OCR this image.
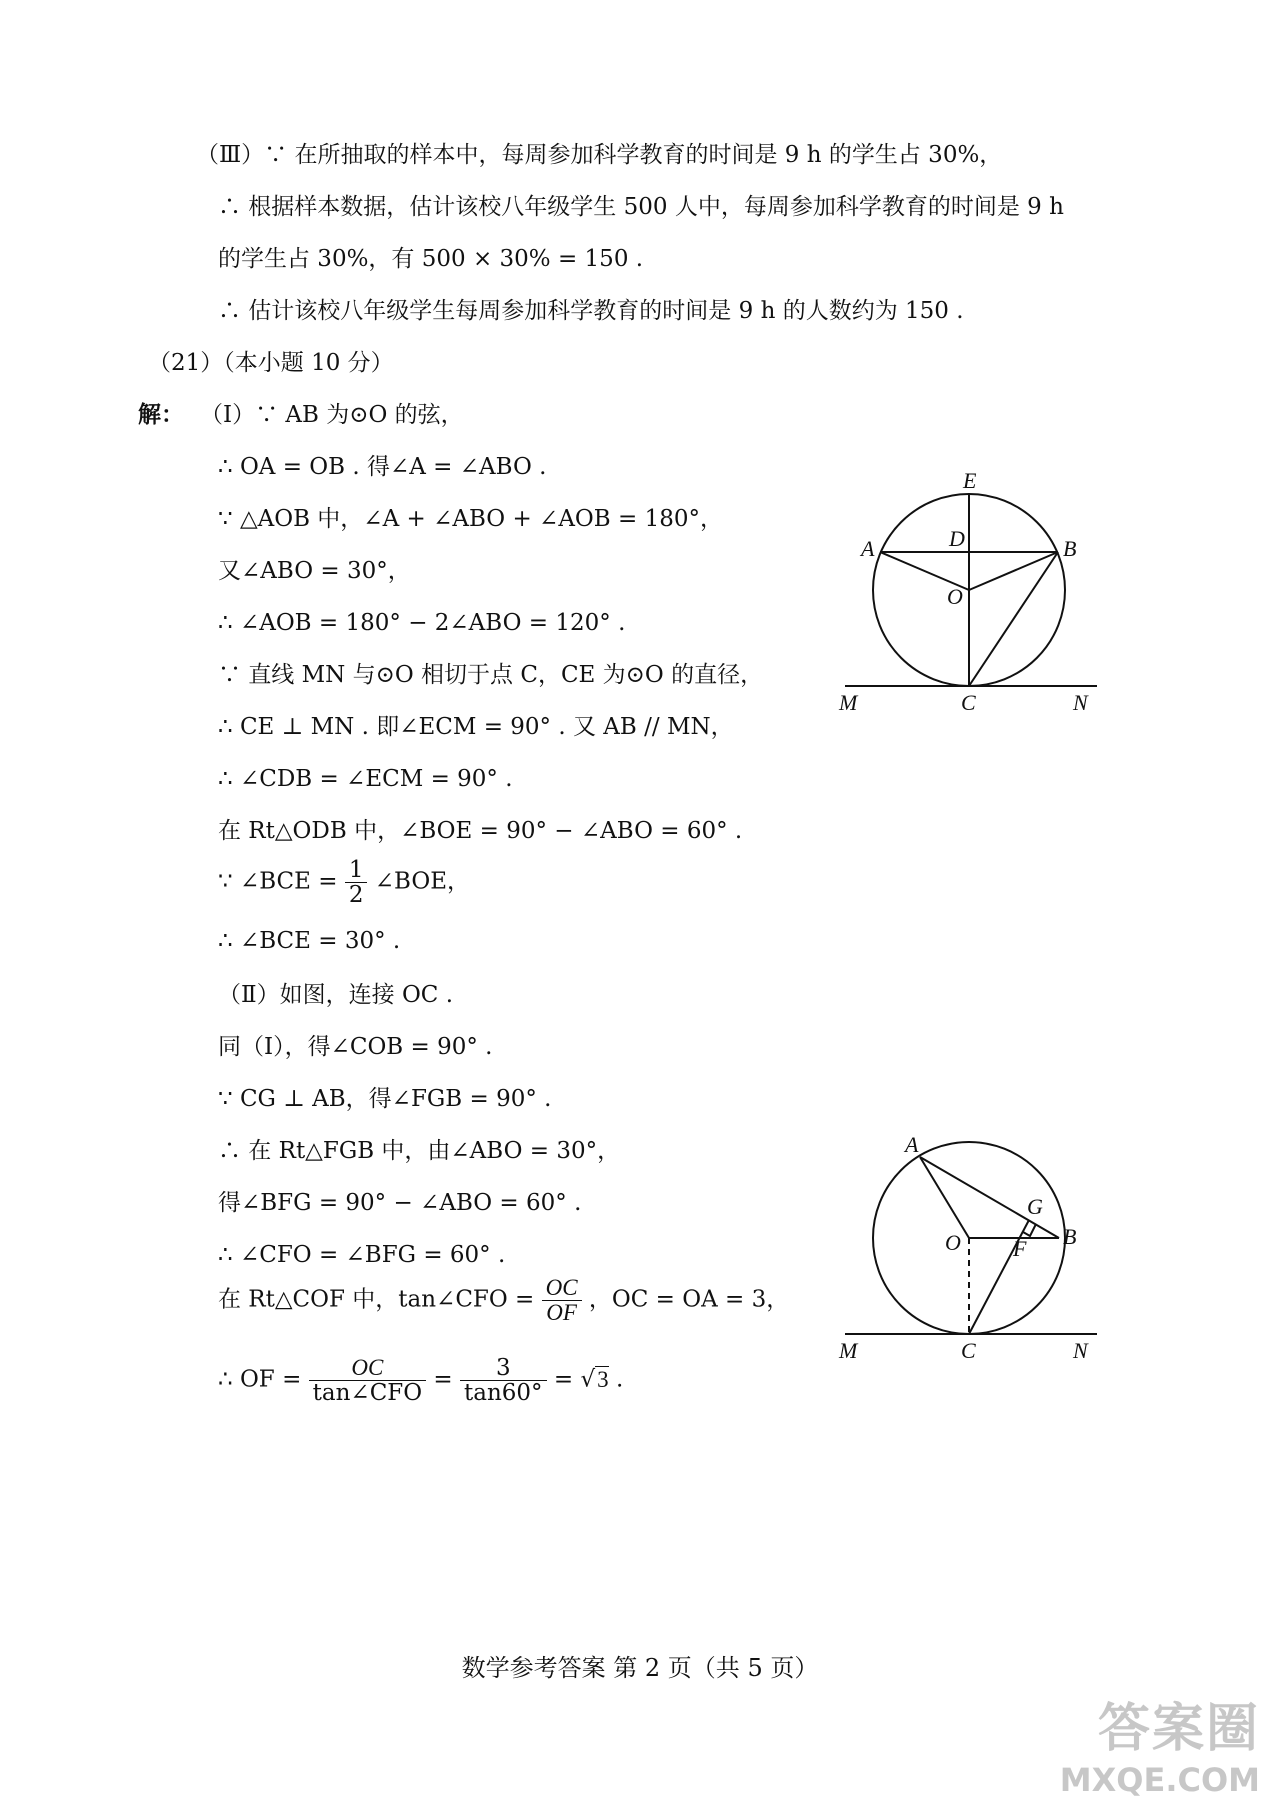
（Ⅲ）∵ 在所抽取的样本中，每周参加科学教育的时间是 9 h 的学生占 30%，
∴ 根据样本数据，估计该校八年级学生 500 人中，每周参加科学教育的时间是 9 h
的学生占 30%，有 500 × 30% = 150 .
∴ 估计该校八年级学生每周参加科学教育的时间是 9 h 的人数约为 150 .
（21）（本小题 10 分）
解： （Ⅰ）∵ AB 为⊙O 的弦，
∴ OA = OB . 得∠A = ∠ABO .
∵ △AOB 中，∠A + ∠ABO + ∠AOB = 180°，
又∠ABO = 30°，
∴ ∠AOB = 180° − 2∠ABO = 120° .
∵ 直线 MN 与⊙O 相切于点 C，CE 为⊙O 的直径，
∴ CE ⊥ MN . 即∠ECM = 90° . 又 AB // MN，
∴ ∠CDB = ∠ECM = 90° .
在 Rt△ODB 中，∠BOE = 90° − ∠ABO = 60° .
∵ ∠BCE = $\frac{1}{2}$ ∠BOE，
∴ ∠BCE = 30° .
（Ⅱ）如图，连接 OC .
同（Ⅰ），得∠COB = 90° .
∵ CG ⊥ AB，得∠FGB = 90° .
∴ 在 Rt△FGB 中，由∠ABO = 30°，
得∠BFG = 90° − ∠ABO = 60° .
∴ ∠CFO = ∠BFG = 60° .
在 Rt△COF 中，tan∠CFO = $\frac{OC}{OF}$ ，OC = OA = 3，
∴ OF = $\frac{OC}{\text{tan∠CFO}} = \frac{3}{\tan 60^\circ} = √3$ .
E
A	D	B
O
M	C	N
A
G
O F B
M	C	N
数学参考答案 第 2 页（共 5 页）
答案圈
MXQE.COM
